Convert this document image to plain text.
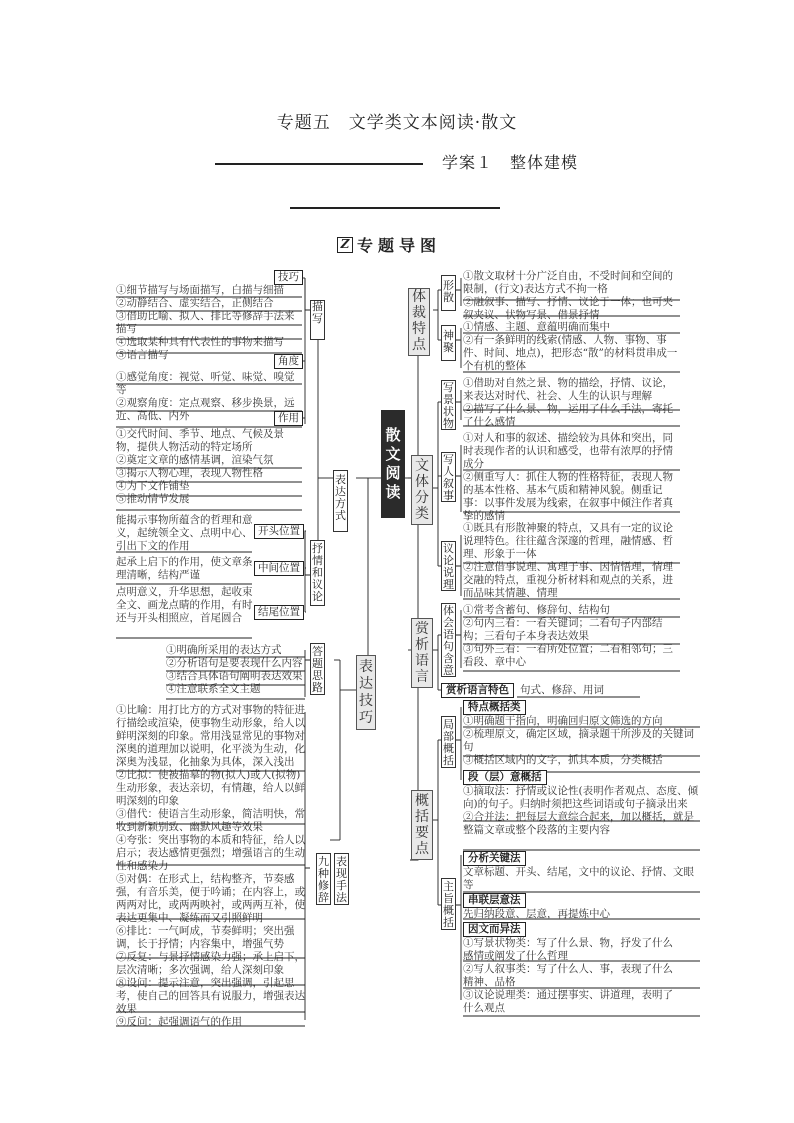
专题五　文学类文本阅读·散文
学案１　整体建模
Z 专题导图
散文阅读
描写
技巧
①细节描写与场面描写，白描与细描
②动静结合、虚实结合，正侧结合
③借助比喻、拟人、排比等修辞手法来描写
④选取某种具有代表性的事物来描写
⑤语言描写	角度
①感觉角度：视觉、听觉、味觉、嗅觉等
②观察角度：定点观察、移步换景，远近、高低、内外	作用
①交代时间、季节、地点、气候及景物，提供人物活动的特定场所
②奠定文章的感情基调，渲染气氛
③揭示人物心理，表现人物性格
④为下文作铺垫
⑤推动情节发展
表达方式
抒情和议论
能揭示事物所蕴含的哲理和意义，起统领全文、点明中心、引出下文的作用
开头位置
起承上启下的作用，使文章条理清晰，结构严谨
中间位置
点明意义，升华思想，起收束全文、画龙点睛的作用，有时还与开头相照应，首尾圆合	结尾位置
答题思路
①明确所采用的表达方式
②分析语句是要表现什么内容
③结合具体语句阐明表达效果
④注意联系全文主题
表达技巧
表现手法
九种修辞
①比喻：用打比方的方式对事物的特征进行描绘或渲染，使事物生动形象，给人以鲜明深刻的印象。常用浅显常见的事物对深奥的道理加以说明，化平淡为生动，化深奥为浅显，化抽象为具体，深入浅出
②比拟：使被描摹的物(拟人)或人(拟物)生动形象，表达亲切，有情趣，给人以鲜明深刻的印象
③借代：使语言生动形象，简洁明快，常收到新颖别致、幽默风趣等效果
④夸张：突出事物的本质和特征，给人以启示；表达感情更强烈；增强语言的生动性和感染力
⑤对偶：在形式上，结构整齐，节奏感强，有音乐美，便于吟诵；在内容上，或两两对比，或两两映衬，或两两互补，使表达更集中、凝练而又引照鲜明
⑥排比：一气呵成，节奏鲜明；突出强调，长于抒情；内容集中，增强气势
⑦反复：与景抒情感染力强；承上启下，层次清晰；多次强调，给人深刻印象
⑧设问：提示注意，突出强调，引起思考，使自己的回答具有说服力，增强表达效果
⑨反问：起强调语气的作用
体裁特点
形散
①散文取材十分广泛自由，不受时间和空间的限制，(行文)表达方式不拘一格
②融叙事、描写、抒情、议论于一体；也可夹叙夹议、状物写景、借景抒情
神聚
①情感、主题、意蕴明确而集中
②有一条鲜明的线索(情感、人物、事物、事件、时间、地点)，把形态“散”的材料贯串成一个有机的整体
文体分类
写景状物
①借助对自然之景、物的描绘，抒情、议论，来表达对时代、社会、人生的认识与理解
②描写了什么景、物，运用了什么手法，寄托了什么感情
写人叙事
①对人和事的叙述、描绘较为具体和突出，同时表现作者的认识和感受，也带有浓厚的抒情成分
②侧重写人：抓住人物的性格特征，表现人物的基本性格、基本气质和精神风貌。侧重记事：以事件发展为线索，在叙事中倾注作者真挚的感情
议论说理
①既具有形散神聚的特点，又具有一定的议论说理特色。往往蕴含深邃的哲理，融情感、哲理、形象于一体
②注意借事说理、寓理于事、因情悟理，情理交融的特点，重视分析材料和观点的关系，进而品味其情趣、情理
赏析语言
体会语句含意
①常考含蓄句、修辞句、结构句
②句内三看：一看关键词；二看句子内部结构；三看句子本身表达效果
③句外三看：一看所处位置；二看相邻句；三看段、章中心
赏析语言特色	句式、修辞、用词
概括要点
局部概括
特点概括类
①明确题干指向，明确回归原文筛选的方向
②梳理原文，确定区域，摘录题干所涉及的关键词句
③概括区域内的文字，抓其本质，分类概括
段（层）意概括
①摘取法：抒情或议论性(表明作者观点、态度、倾向)的句子。归纳时须把这些词语或句子摘录出来
②合并法：把每层大意综合起来，加以概括，就是整篇文章或整个段落的主要内容
主旨概括
分析关键法
文章标题、开头、结尾，文中的议论、抒情、文眼等
串联层意法
先归纳段意、层意，再提炼中心
因文而异法
①写景状物类：写了什么景、物，抒发了什么感情或阐发了什么哲理
②写人叙事类：写了什么人、事，表现了什么精神、品格
③议论说理类：通过摆事实、讲道理，表明了什么观点
